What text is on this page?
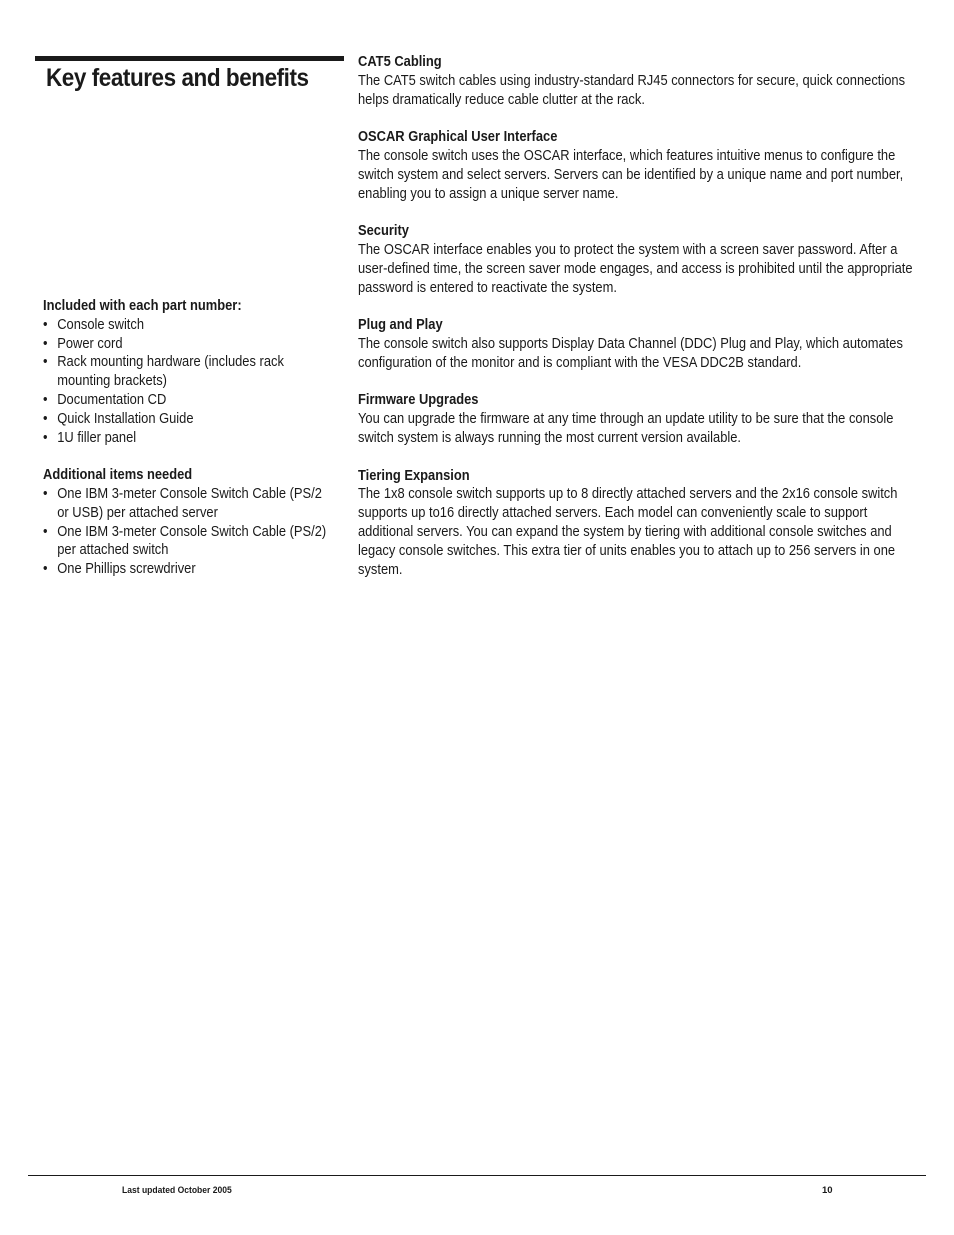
Key features and benefits

Included with each part number:

• Console switch
• Power cord
• Rack mounting hardware (includes rack mounting brackets)
• Documentation CD
• Quick Installation Guide
• 1U filler panel

Additional items needed

• One IBM 3-meter Console Switch Cable (PS/2 or USB) per attached server
• One IBM 3-meter Console Switch Cable (PS/2) per attached switch
• One Phillips screwdriver

CAT5 Cabling

The CAT5 switch cables using industry-standard RJ45 connectors for secure, quick connections helps dramatically reduce cable clutter at the rack.

OSCAR Graphical User Interface

The console switch uses the OSCAR interface, which features intuitive menus to configure the switch system and select servers. Servers can be identified by a unique name and port number, enabling you to assign a unique server name.

Security

The OSCAR interface enables you to protect the system with a screen saver password. After a user-defined time, the screen saver mode engages, and access is prohibited until the appropriate password is entered to reactivate the system.

Plug and Play

The console switch also supports Display Data Channel (DDC) Plug and Play, which automates configuration of the monitor and is compliant with the VESA DDC2B standard.

Firmware Upgrades

You can upgrade the firmware at any time through an update utility to be sure that the console switch system is always running the most current version available.

Tiering Expansion

The 1x8 console switch supports up to 8 directly attached servers and the 2x16 console switch supports up to16 directly attached servers. Each model can conveniently scale to support additional servers. You can expand the system by tiering with additional console switches and legacy console switches. This extra tier of units enables you to attach up to 256 servers in one system.

Last updated October 2005	10
